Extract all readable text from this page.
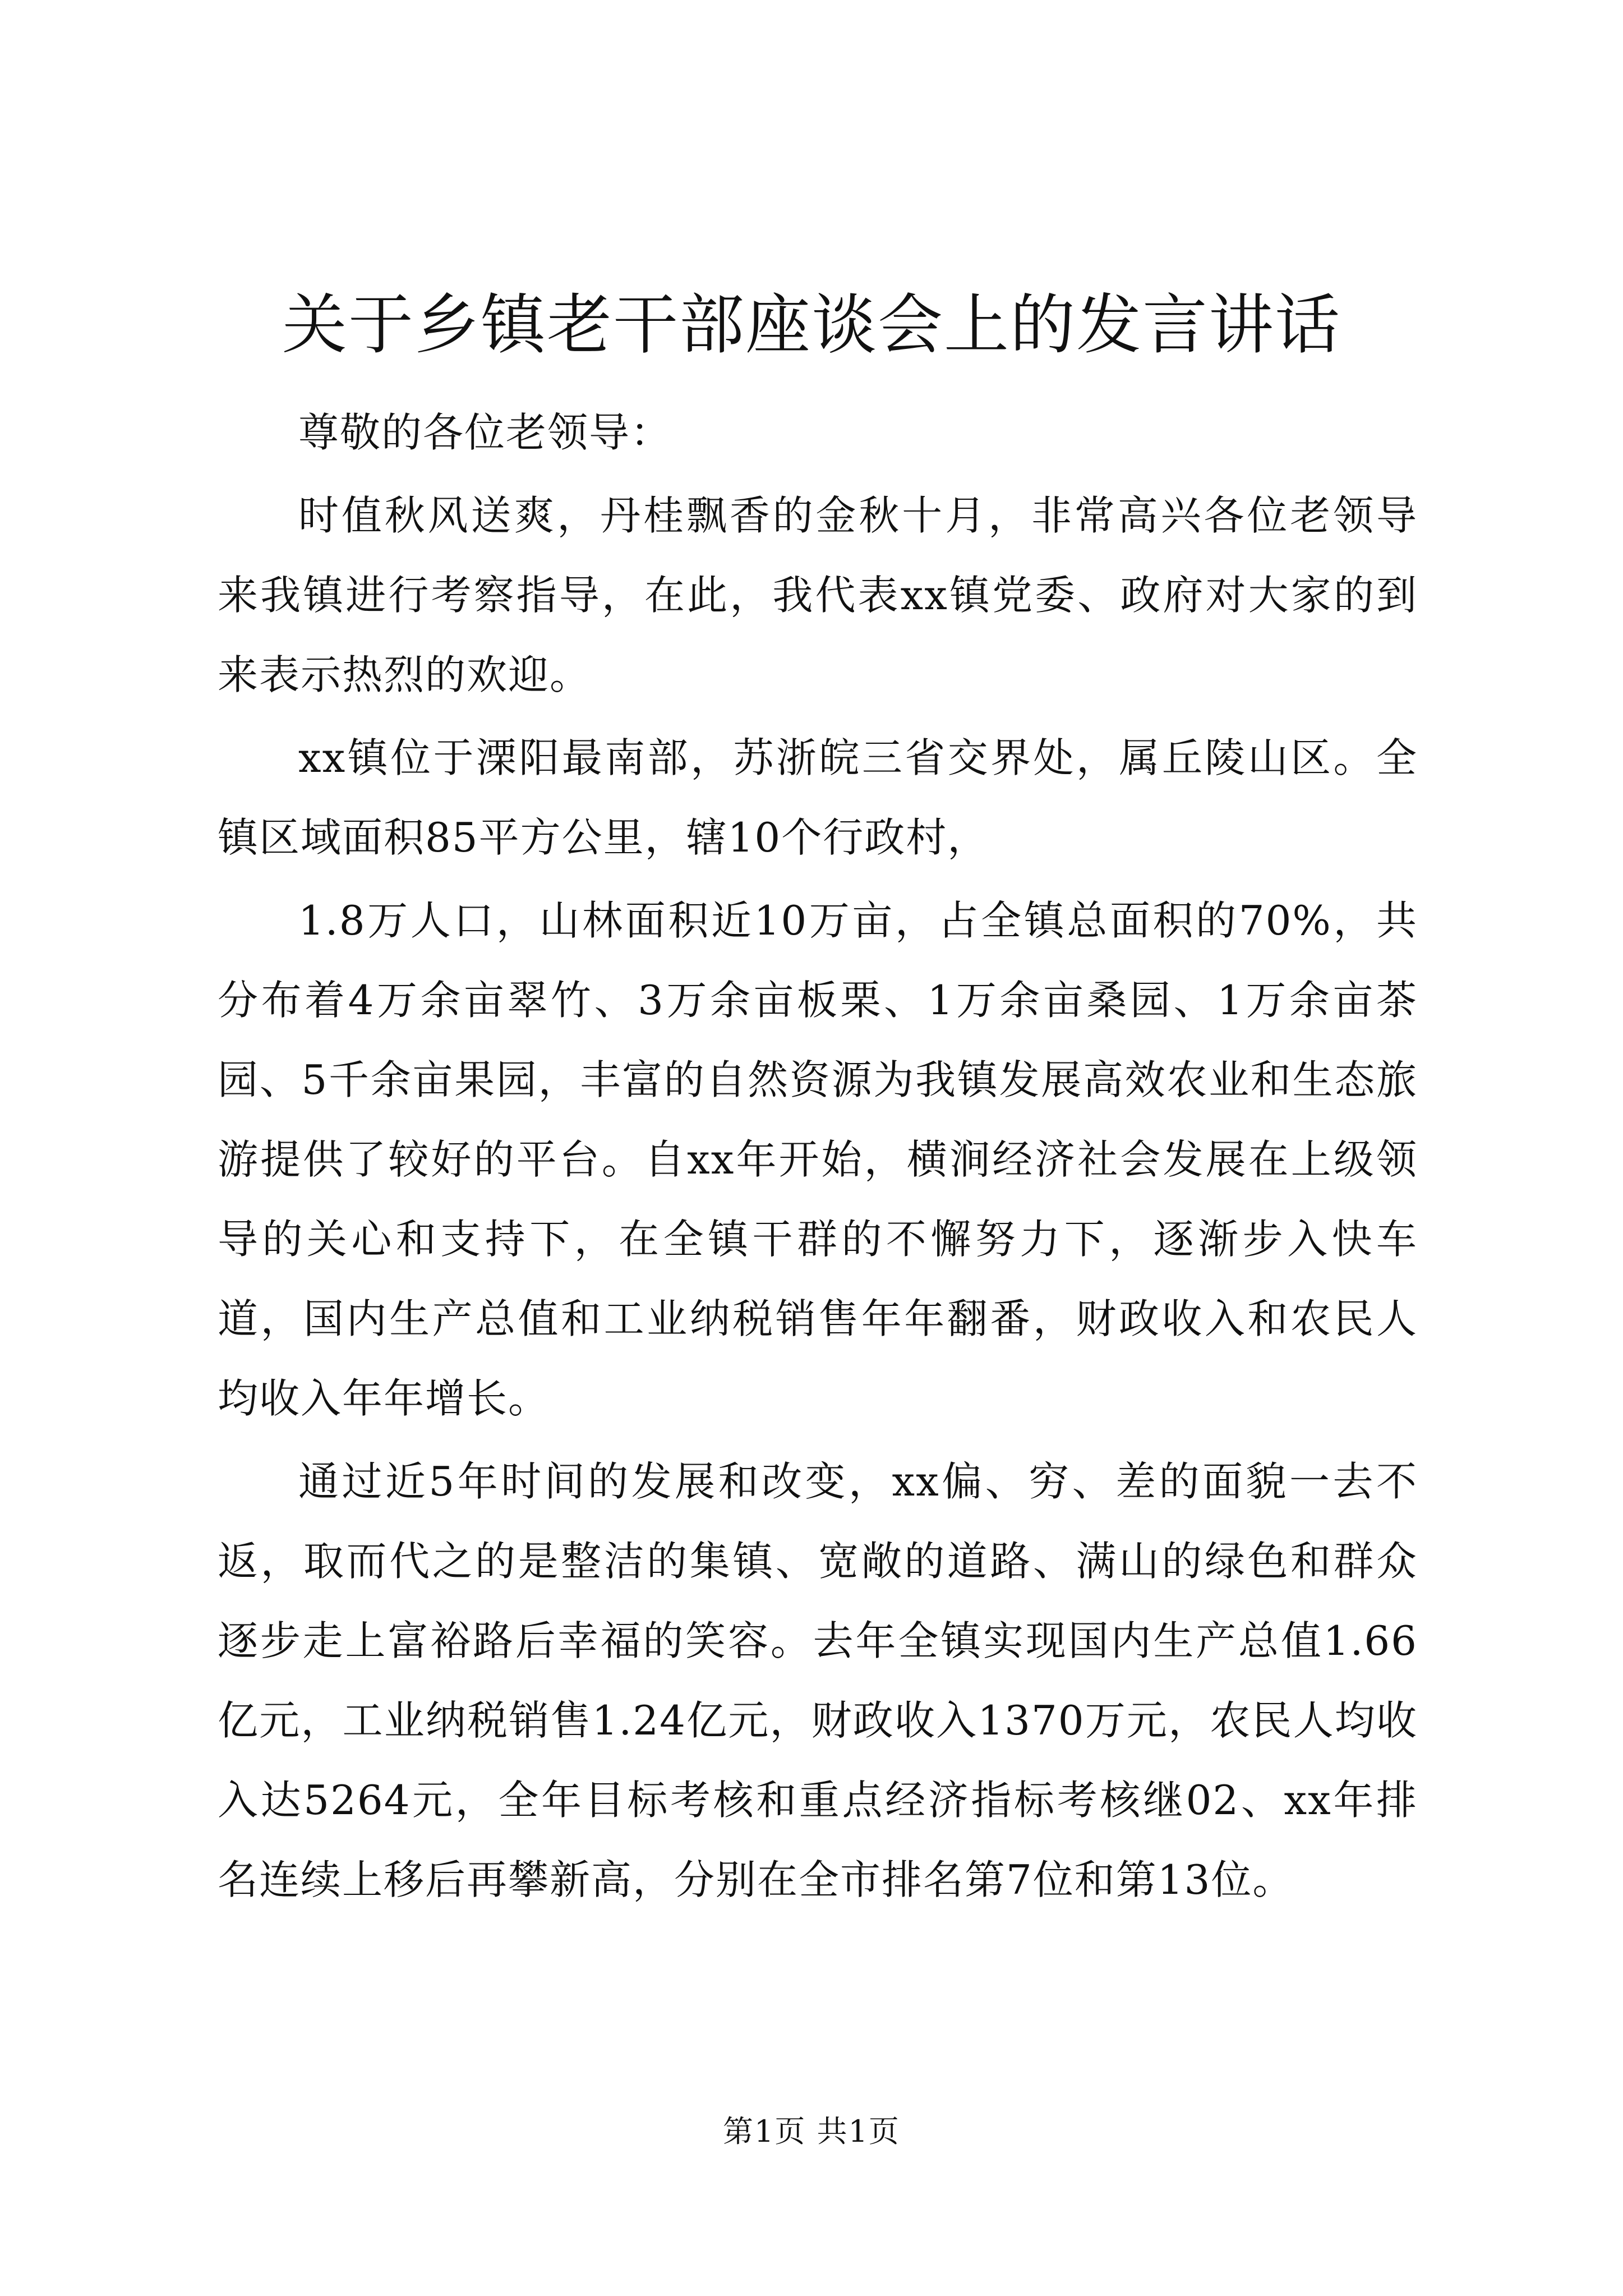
关于乡镇老干部座谈会上的发言讲话

尊敬的各位老领导：

时值秋风送爽，丹桂飘香的金秋十月，非常高兴各位老领导来我镇进行考察指导，在此，我代表xx镇党委、政府对大家的到来表示热烈的欢迎。

xx镇位于溧阳最南部，苏浙皖三省交界处，属丘陵山区。全镇区域面积85平方公里，辖10个行政村，

1.8万人口，山林面积近10万亩，占全镇总面积的70%，共分布着4万余亩翠竹、3万余亩板栗、1万余亩桑园、1万余亩茶园、5千余亩果园，丰富的自然资源为我镇发展高效农业和生态旅游提供了较好的平台。自xx年开始，横涧经济社会发展在上级领导的关心和支持下，在全镇干群的不懈努力下，逐渐步入快车道，国内生产总值和工业纳税销售年年翻番，财政收入和农民人均收入年年增长。

通过近5年时间的发展和改变，xx偏、穷、差的面貌一去不返，取而代之的是整洁的集镇、宽敞的道路、满山的绿色和群众逐步走上富裕路后幸福的笑容。去年全镇实现国内生产总值1.66亿元，工业纳税销售1.24亿元，财政收入1370万元，农民人均收入达5264元，全年目标考核和重点经济指标考核继02、xx年排名连续上移后再攀新高，分别在全市排名第7位和第13位。

第1页 共1页
